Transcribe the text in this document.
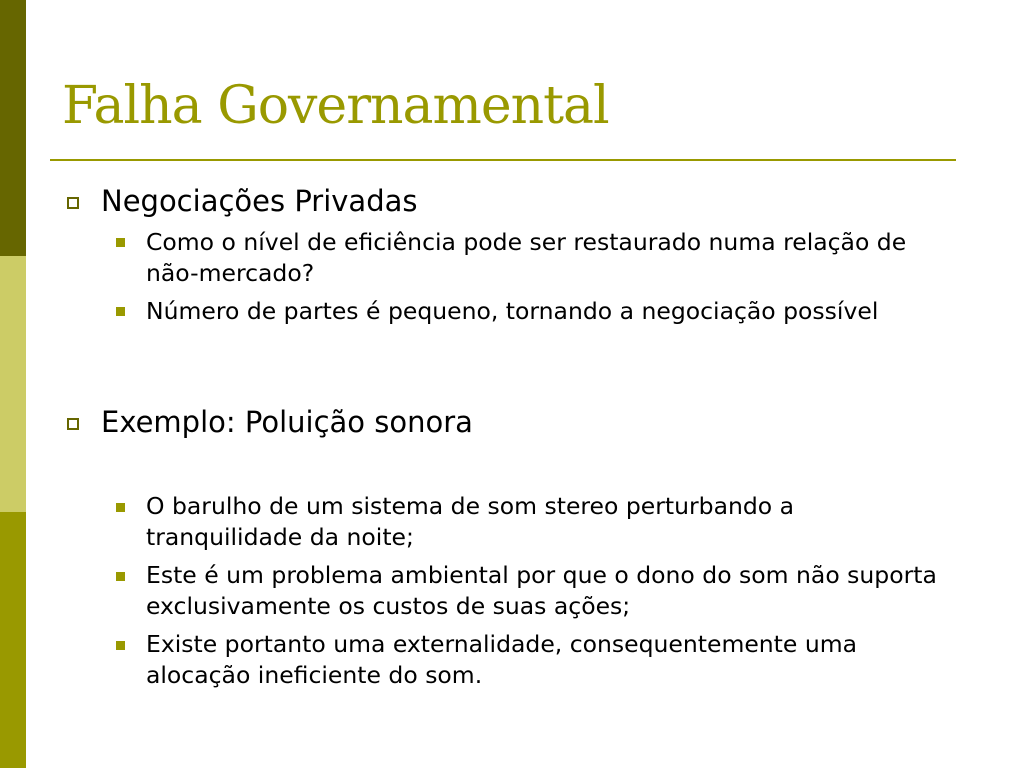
Falha Governamental

Negociações Privadas

Como o nível de eficiência pode ser restaurado numa relação de não-mercado?

Número de partes é pequeno, tornando a negociação possível

Exemplo: Poluição sonora

O barulho de um sistema de som stereo perturbando a tranquilidade da noite;

Este é um problema ambiental por que o dono do som não suporta exclusivamente os custos de suas ações;

Existe portanto uma externalidade, consequentemente uma alocação ineficiente do som.
